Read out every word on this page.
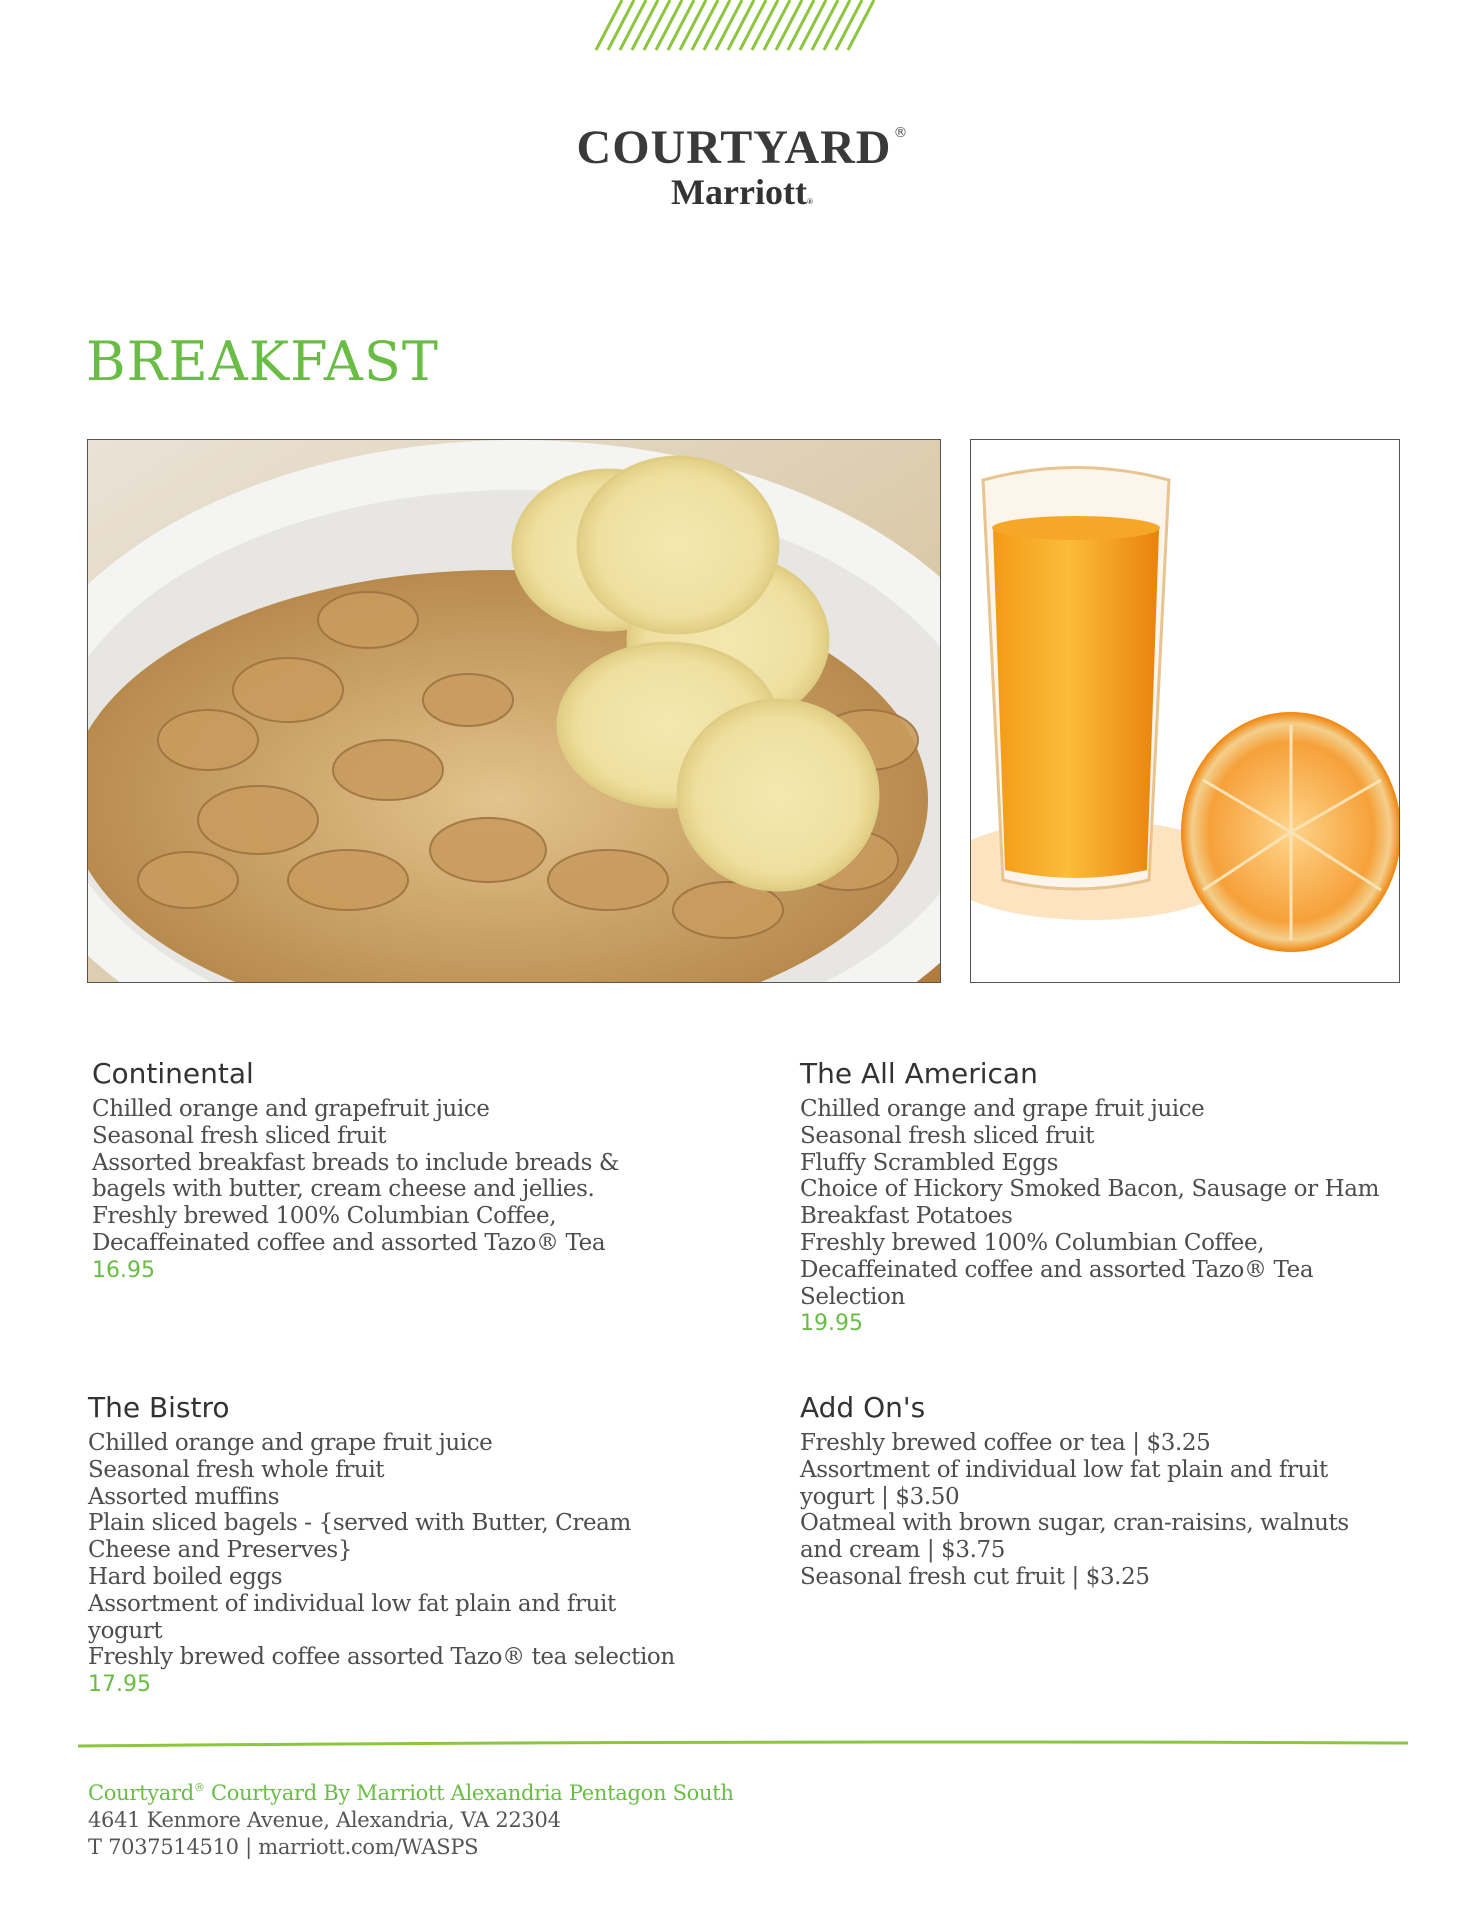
COURTYARD ®
Marriott®
BREAKFAST
Continental
Chilled orange and grapefruit juice
Seasonal fresh sliced fruit
Assorted breakfast breads to include breads &
bagels with butter, cream cheese and jellies.
Freshly brewed 100% Columbian Coffee,
Decaffeinated coffee and assorted Tazo® Tea
16.95
The All American
Chilled orange and grape fruit juice
Seasonal fresh sliced fruit
Fluffy Scrambled Eggs
Choice of Hickory Smoked Bacon, Sausage or Ham
Breakfast Potatoes
Freshly brewed 100% Columbian Coffee,
Decaffeinated coffee and assorted Tazo® Tea
Selection
19.95
The Bistro
Chilled orange and grape fruit juice
Seasonal fresh whole fruit
Assorted muffins
Plain sliced bagels - {served with Butter, Cream
Cheese and Preserves}
Hard boiled eggs
Assortment of individual low fat plain and fruit
yogurt
Freshly brewed coffee assorted Tazo® tea selection
17.95
Add On's
Freshly brewed coffee or tea | $3.25
Assortment of individual low fat plain and fruit
yogurt | $3.50
Oatmeal with brown sugar, cran-raisins, walnuts
and cream | $3.75
Seasonal fresh cut fruit | $3.25
Courtyard® Courtyard By Marriott Alexandria Pentagon South
4641 Kenmore Avenue, Alexandria, VA 22304
T 7037514510 | marriott.com/WASPS
